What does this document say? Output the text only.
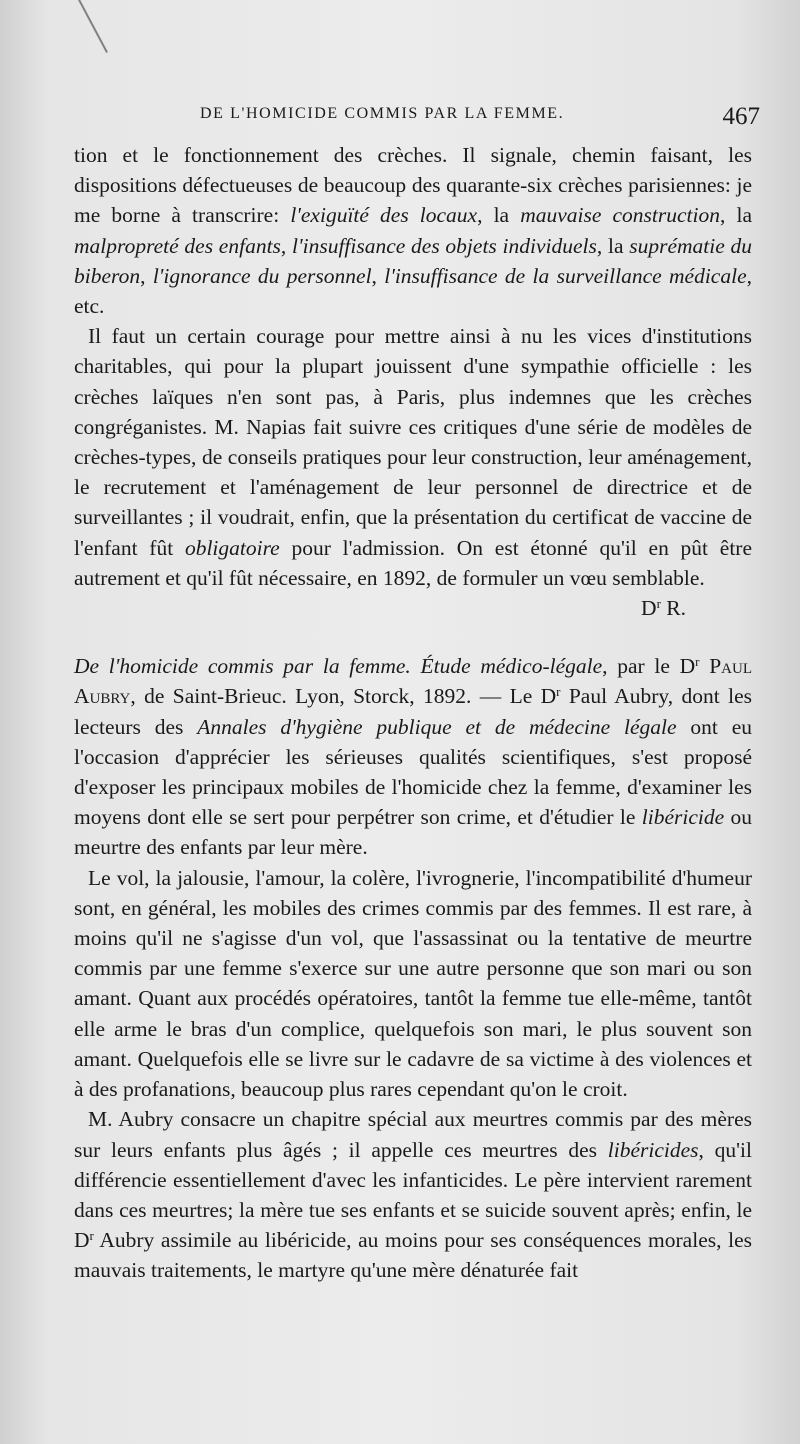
DE L'HOMICIDE COMMIS PAR LA FEMME.	467

tion et le fonctionnement des crèches. Il signale, chemin faisant, les dispositions défectueuses de beaucoup des quarante-six crèches parisiennes: je me borne à transcrire: l'exiguïté des locaux, la mauvaise construction, la malpropreté des enfants, l'insuffisance des objets individuels, la suprématie du biberon, l'ignorance du personnel, l'insuffisance de la surveillance médicale, etc.

Il faut un certain courage pour mettre ainsi à nu les vices d'institutions charitables, qui pour la plupart jouissent d'une sympathie officielle : les crèches laïques n'en sont pas, à Paris, plus indemnes que les crèches congréganistes. M. Napias fait suivre ces critiques d'une série de modèles de crèches-types, de conseils pratiques pour leur construction, leur aménagement, le recrutement et l'aménagement de leur personnel de directrice et de surveillantes ; il voudrait, enfin, que la présentation du certificat de vaccine de l'enfant fût obligatoire pour l'admission. On est étonné qu'il en pût être autrement et qu'il fût nécessaire, en 1892, de formuler un vœu semblable.

$D^r$ R.

De l'homicide commis par la femme. Étude médico-légale, par le $D^r$ Paul Aubry, de Saint-Brieuc. Lyon, Storck, 1892. — Le $D^r$ Paul Aubry, dont les lecteurs des Annales d'hygiène publique et de médecine légale ont eu l'occasion d'apprécier les sérieuses qualités scientifiques, s'est proposé d'exposer les principaux mobiles de l'homicide chez la femme, d'examiner les moyens dont elle se sert pour perpétrer son crime, et d'étudier le libéricide ou meurtre des enfants par leur mère.

Le vol, la jalousie, l'amour, la colère, l'ivrognerie, l'incompatibilité d'humeur sont, en général, les mobiles des crimes commis par des femmes. Il est rare, à moins qu'il ne s'agisse d'un vol, que l'assassinat ou la tentative de meurtre commis par une femme s'exerce sur une autre personne que son mari ou son amant. Quant aux procédés opératoires, tantôt la femme tue elle-même, tantôt elle arme le bras d'un complice, quelquefois son mari, le plus souvent son amant. Quelquefois elle se livre sur le cadavre de sa victime à des violences et à des profanations, beaucoup plus rares cependant qu'on le croit.

M. Aubry consacre un chapitre spécial aux meurtres commis par des mères sur leurs enfants plus âgés ; il appelle ces meurtres des libéricides, qu'il différencie essentiellement d'avec les infanticides. Le père intervient rarement dans ces meurtres; la mère tue ses enfants et se suicide souvent après; enfin, le $D^r$ Aubry assimile au libéricide, au moins pour ses conséquences morales, les mauvais traitements, le martyre qu'une mère dénaturée fait
